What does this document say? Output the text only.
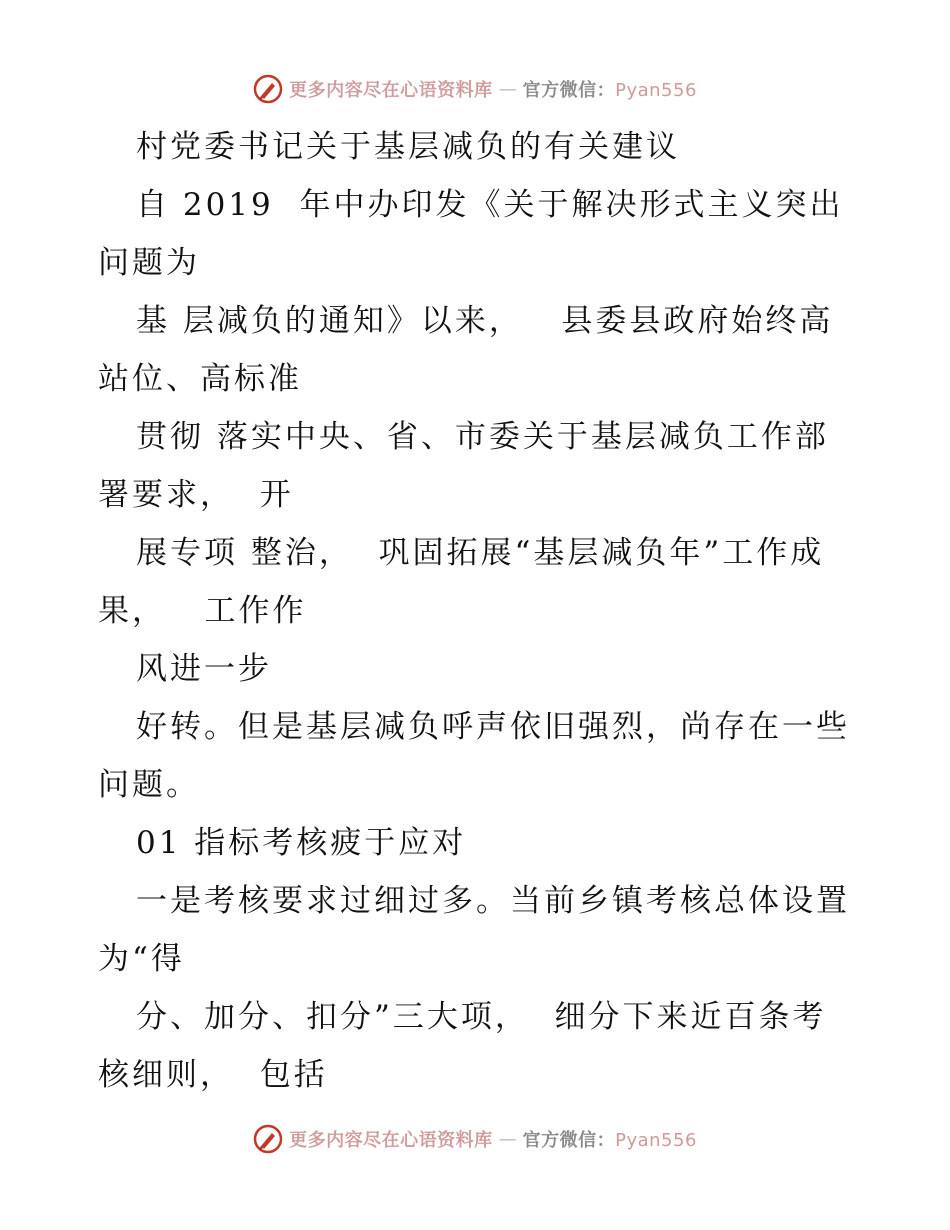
更多内容尽在心语资料库 — 官方微信：Pyan556

村党委书记关于基层减负的有关建议

自 2019  年中办印发《关于解决形式主义突出问题为

基 层减负的通知》以来，   县委县政府始终高站位、高标准

贯彻 落实中央、省、市委关于基层减负工作部署要求，  开

展专项 整治，  巩固拓展“基层减负年”工作成果，   工作作

风进一步

好转。但是基层减负呼声依旧强烈，尚存在一些问题。

01 指标考核疲于应对

一是考核要求过细过多。当前乡镇考核总体设置为“得

分、加分、扣分”三大项，  细分下来近百条考核细则，  包括

更多内容尽在心语资料库 — 官方微信：Pyan556
